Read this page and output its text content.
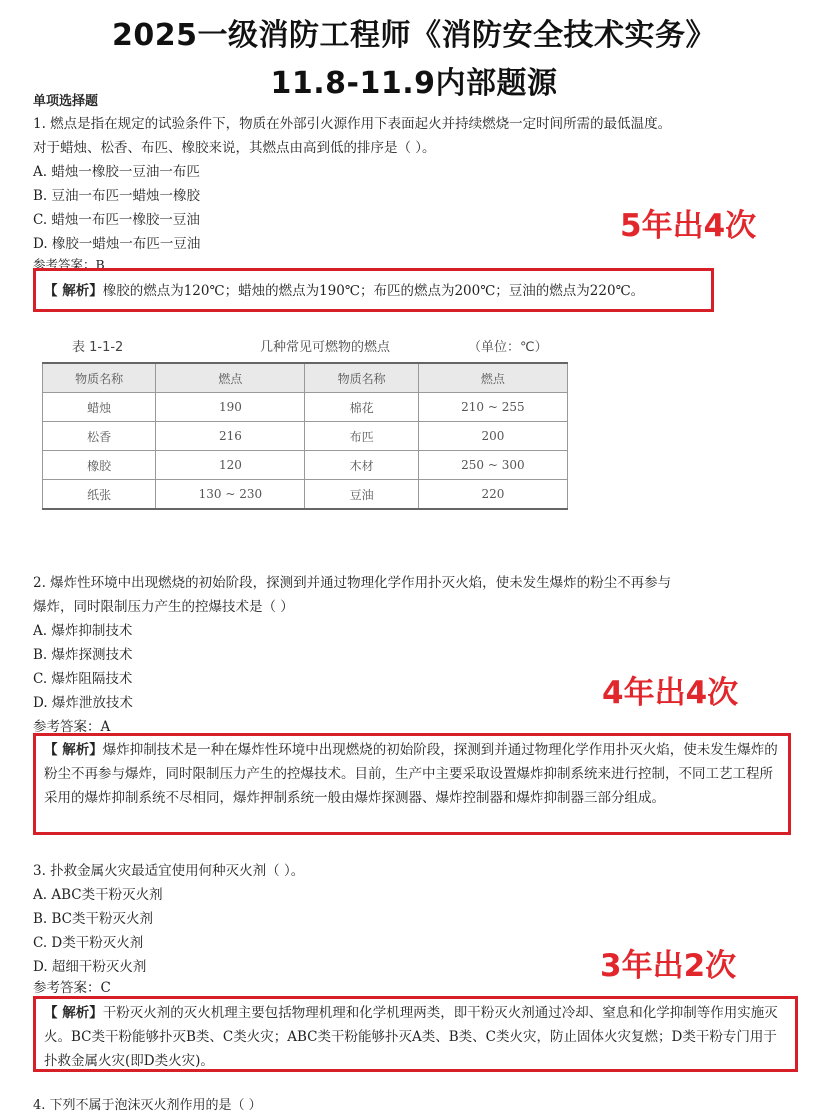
2025一级消防工程师《消防安全技术实务》
11.8-11.9内部题源
单项选择题
1. 燃点是指在规定的试验条件下，物质在外部引火源作用下表面起火并持续燃烧一定时间所需的最低温度。
对于蜡烛、松香、布匹、橡胶来说，其燃点由高到低的排序是（ ）。
A. 蜡烛一橡胶一豆油一布匹
B. 豆油一布匹一蜡烛一橡胶
C. 蜡烛一布匹一橡胶一豆油
D. 橡胶一蜡烛一布匹一豆油
参考答案：B
5年出4次
【 解析】橡胶的燃点为120℃；蜡烛的燃点为190℃；布匹的燃点为200℃；豆油的燃点为220℃。
表 1-1-2	几种常见可燃物的燃点	（单位：℃）
物质名称	燃点	物质名称	燃点
蜡烛	190	棉花	210 ~ 255
松香	216	布匹	200
橡胶	120	木材	250 ~ 300
纸张	130 ~ 230	豆油	220
2. 爆炸性环境中出现燃烧的初始阶段，探测到并通过物理化学作用扑灭火焰，使未发生爆炸的粉尘不再参与
爆炸，同时限制压力产生的控爆技术是（ ）
A. 爆炸抑制技术
B. 爆炸探测技术
C. 爆炸阻隔技术
D. 爆炸泄放技术
参考答案：A
4年出4次
【 解析】爆炸抑制技术是一种在爆炸性环境中出现燃烧的初始阶段，探测到并通过物理化学作用扑灭火焰，使未发生爆炸的粉尘不再参与爆炸，同时限制压力产生的控爆技术。目前，生产中主要采取设置爆炸抑制系统来进行控制，不同工艺工程所采用的爆炸抑制系统不尽相同，爆炸押制系统一般由爆炸探测器、爆炸控制器和爆炸抑制器三部分组成。
3. 扑救金属火灾最适宜使用何种灭火剂（ ）。
A. ABC类干粉灭火剂
B. BC类干粉灭火剂
C. D类干粉灭火剂
D. 超细干粉灭火剂
参考答案：C
3年出2次
【 解析】干粉灭火剂的灭火机理主要包括物理机理和化学机理两类，即干粉灭火剂通过冷却、窒息和化学抑制等作用实施灭火。BC类干粉能够扑灭B类、C类火灾；ABC类干粉能够扑灭A类、B类、C类火灾，防止固体火灾复燃；D类干粉专门用于扑救金属火灾(即D类火灾)。
4. 下列不属于泡沫灭火剂作用的是（ ）
